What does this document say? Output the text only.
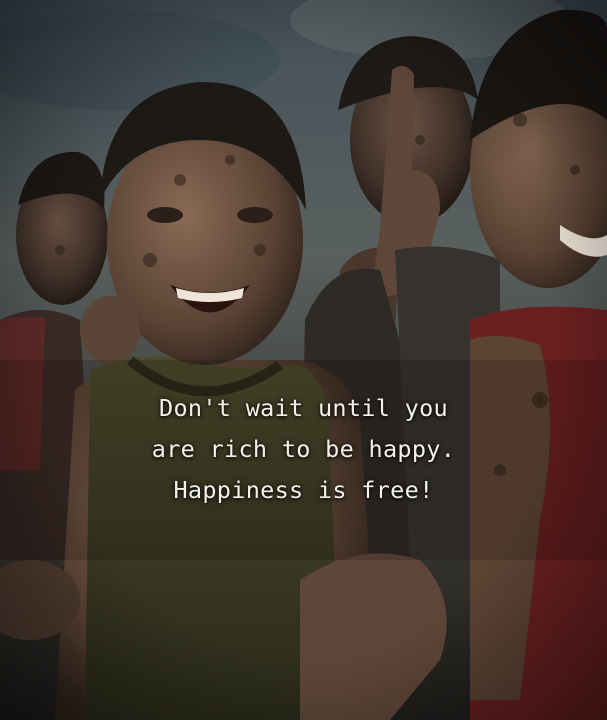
Don't wait until you
are rich to be happy.
Happiness is free!
